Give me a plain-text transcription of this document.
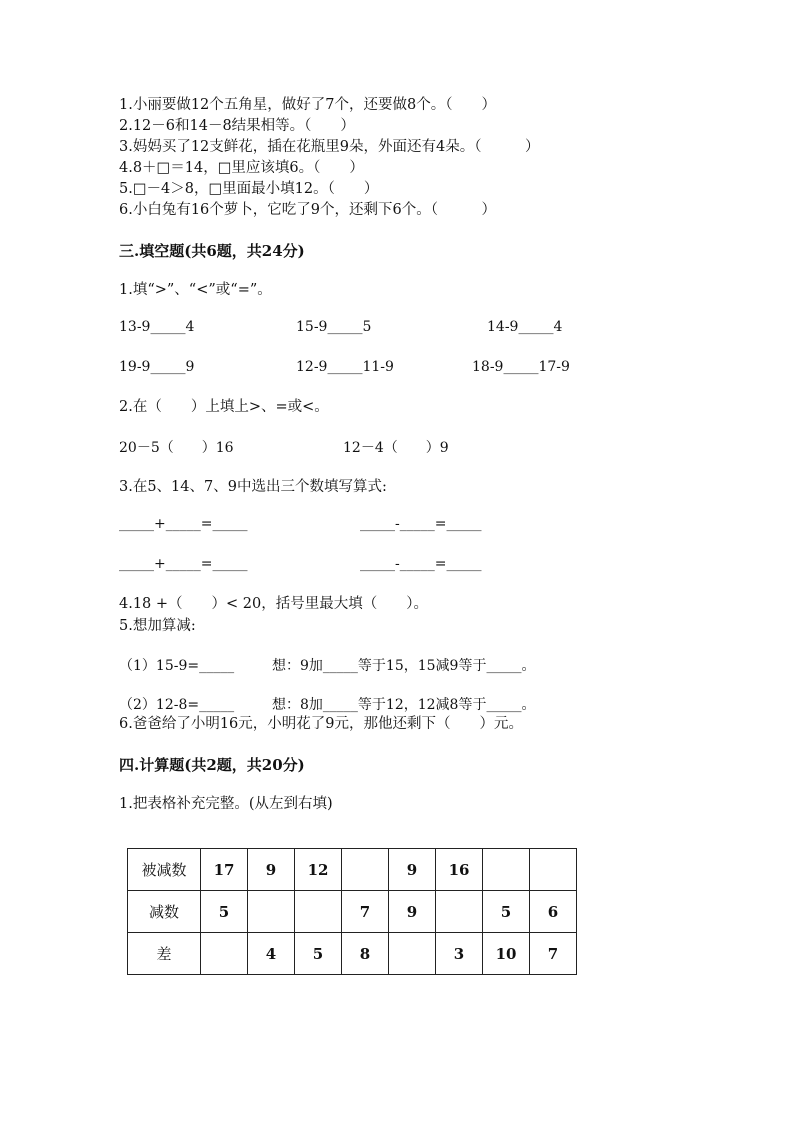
1.小丽要做12个五角星，做好了7个，还要做8个。（　　）
2.12－6和14－8结果相等。（　　）
3.妈妈买了12支鲜花，插在花瓶里9朵，外面还有4朵。（　　　）
4.8＋□＝14，□里应该填6。（　　）
5.□－4＞8，□里面最小填12。（　　）
6.小白兔有16个萝卜，它吃了9个，还剩下6个。（　　　）
三.填空题(共6题，共24分)
1.填“>”、“<”或“=”。
13-9_____4	15-9_____5	14-9_____4
19-9_____9	12-9_____11-9	18-9_____17-9
2.在（　　）上填上>、=或<。
20－5（　　）16	12－4（　　）9
3.在5、14、7、9中选出三个数填写算式:
_____+_____=_____	_____-_____=_____
_____+_____=_____	_____-_____=_____
4.18 +（　　）< 20，括号里最大填（　　）。
5.想加算减:
（1）15-9=_____	想：9加_____等于15，15减9等于_____。
（2）12-8=_____	想：8加_____等于12，12减8等于_____。
6.爸爸给了小明16元，小明花了9元，那他还剩下（　　）元。
四.计算题(共2题，共20分)
1.把表格补充完整。(从左到右填)
被减数	17	9	12		9	16		
减数	5			7	9		5	6
差		4	5	8		3	10	7
